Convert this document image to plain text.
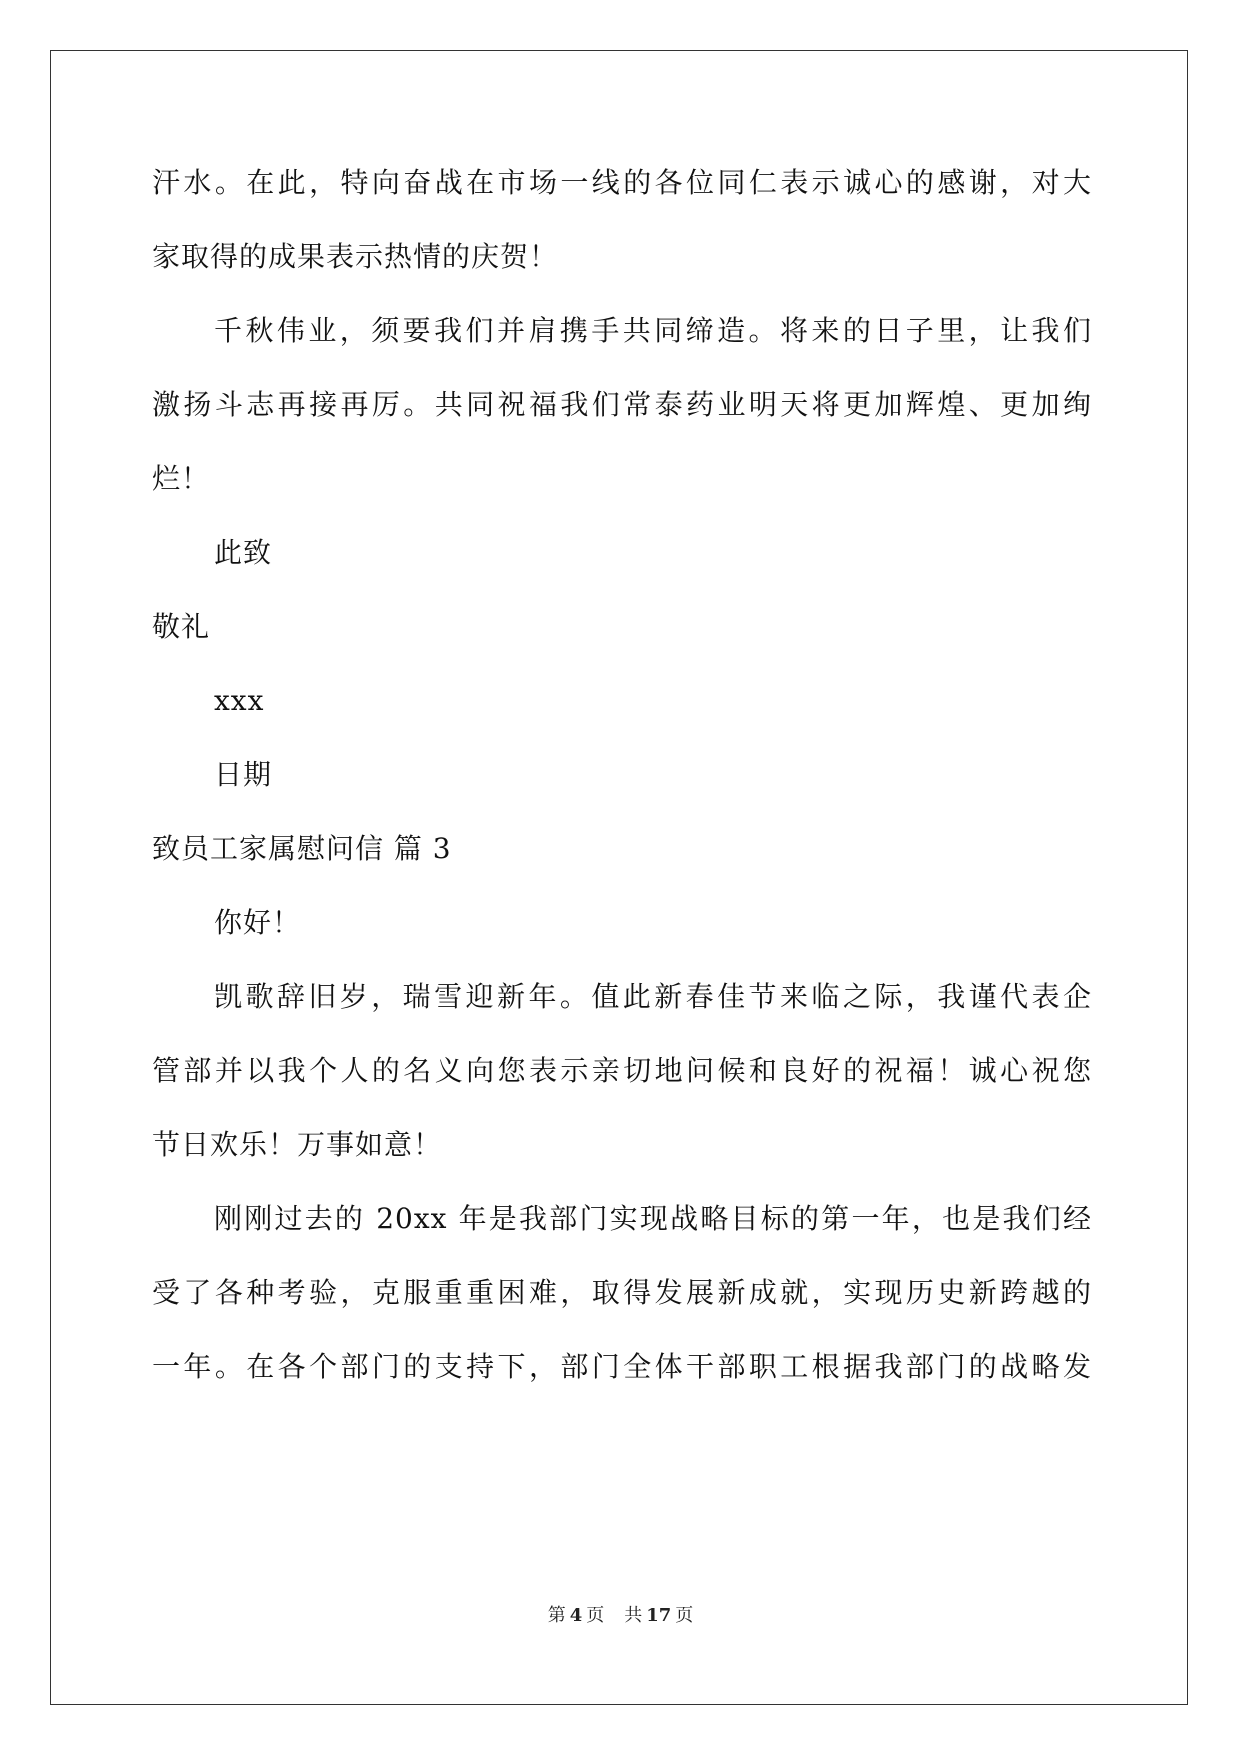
汗水。在此，特向奋战在市场一线的各位同仁表示诚心的感谢，对大
家取得的成果表示热情的庆贺！
千秋伟业，须要我们并肩携手共同缔造。将来的日子里，让我们
激扬斗志再接再厉。共同祝福我们常泰药业明天将更加辉煌、更加绚
烂！
此致
敬礼
xxx
日期
致员工家属慰问信 篇 3
你好！
凯歌辞旧岁，瑞雪迎新年。值此新春佳节来临之际，我谨代表企
管部并以我个人的名义向您表示亲切地问候和良好的祝福！诚心祝您
节日欢乐！万事如意！
刚刚过去的 20xx 年是我部门实现战略目标的第一年，也是我们经
受了各种考验，克服重重困难，取得发展新成就，实现历史新跨越的
一年。在各个部门的支持下，部门全体干部职工根据我部门的战略发
第 4 页 共 17 页
